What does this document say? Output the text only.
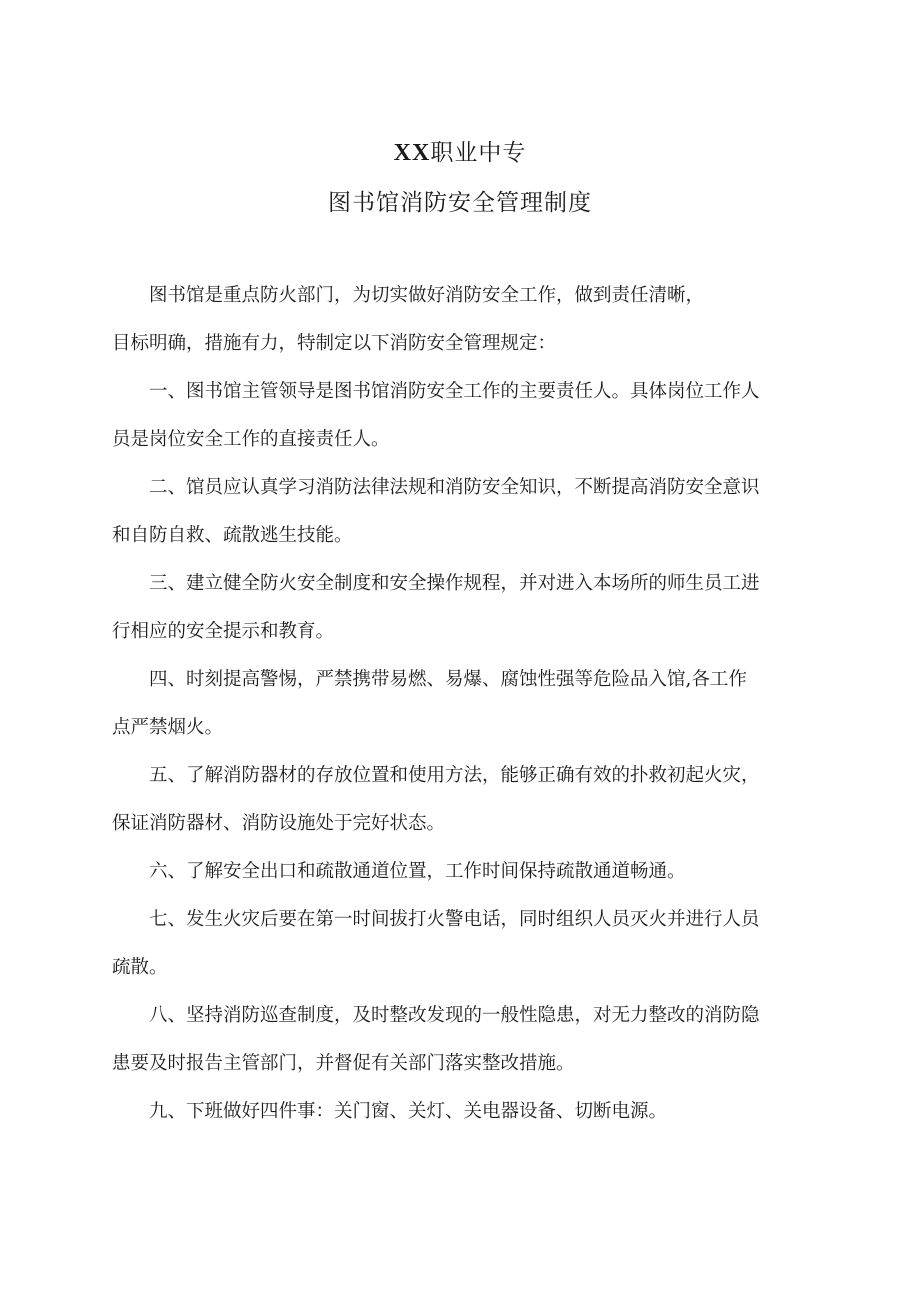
XX职业中专
图书馆消防安全管理制度
图书馆是重点防火部门，为切实做好消防安全工作，做到责任清晰，
目标明确，措施有力，特制定以下消防安全管理规定：
一、图书馆主管领导是图书馆消防安全工作的主要责任人。具体岗位工作人
员是岗位安全工作的直接责任人。
二、馆员应认真学习消防法律法规和消防安全知识，不断提高消防安全意识
和自防自救、疏散逃生技能。
三、建立健全防火安全制度和安全操作规程，并对进入本场所的师生员工进
行相应的安全提示和教育。
四、时刻提高警惕，严禁携带易燃、易爆、腐蚀性强等危险品入馆,各工作
点严禁烟火。
五、了解消防器材的存放位置和使用方法，能够正确有效的扑救初起火灾，
保证消防器材、消防设施处于完好状态。
六、了解安全出口和疏散通道位置，工作时间保持疏散通道畅通。
七、发生火灾后要在第一时间拔打火警电话，同时组织人员灭火并进行人员
疏散。
八、坚持消防巡查制度，及时整改发现的一般性隐患，对无力整改的消防隐
患要及时报告主管部门，并督促有关部门落实整改措施。
九、下班做好四件事：关门窗、关灯、关电器设备、切断电源。
